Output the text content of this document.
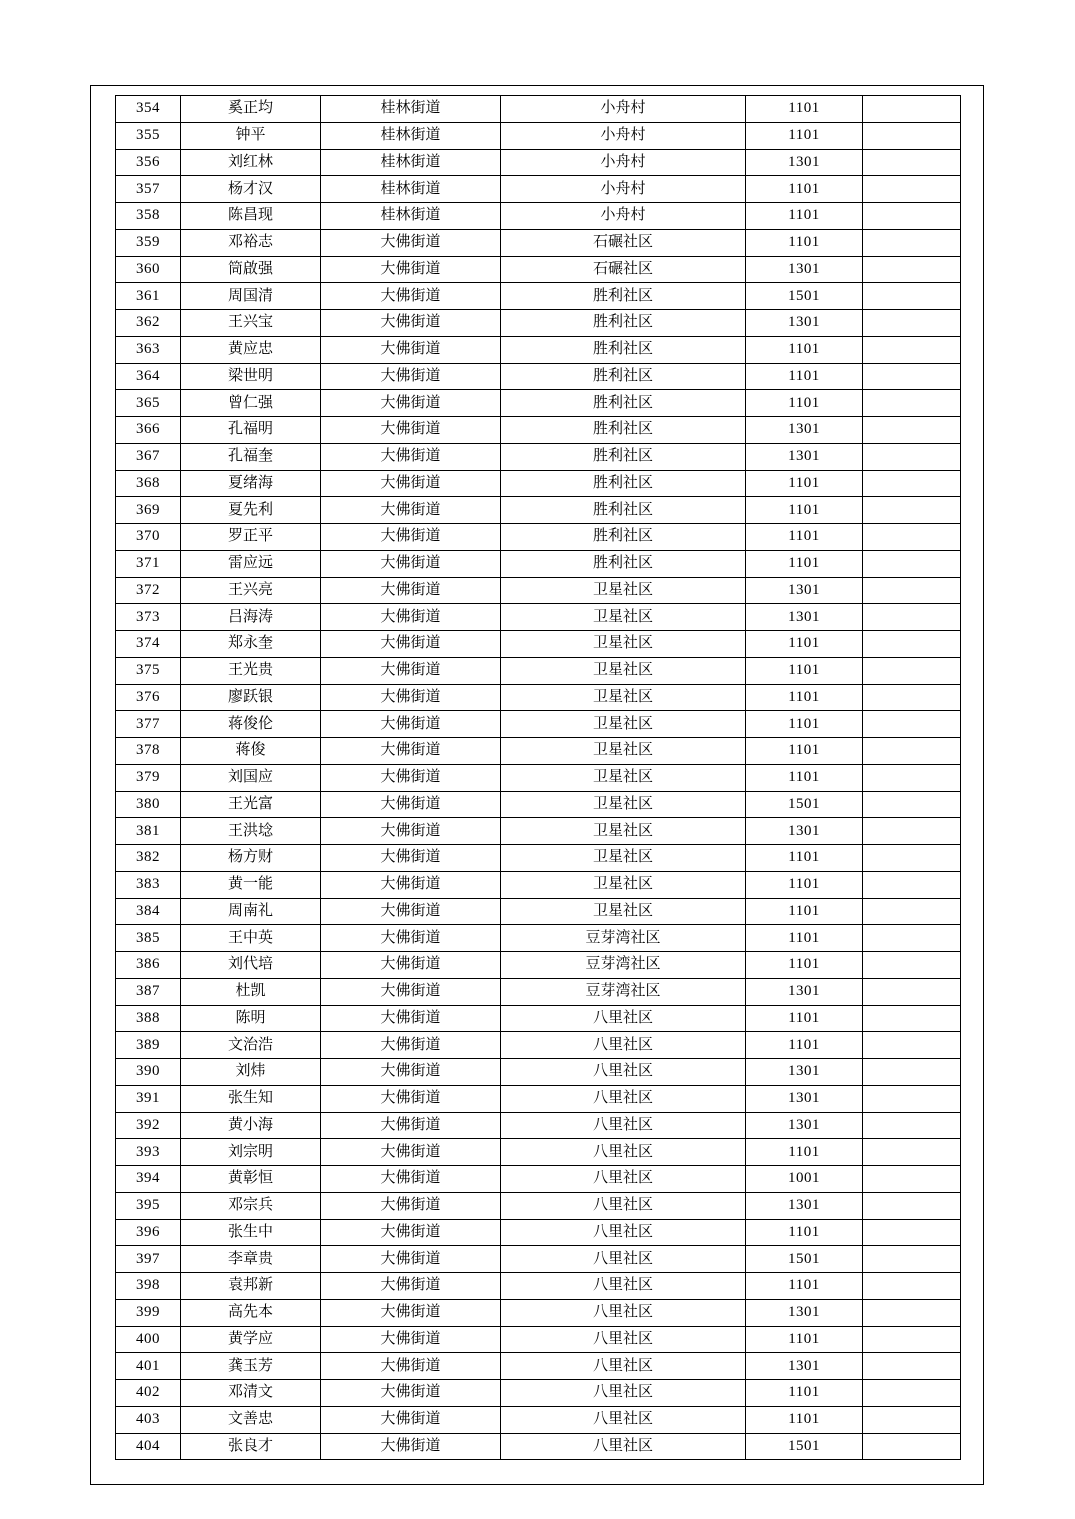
354	奚正均	桂林街道	小舟村	1101	
355	钟平	桂林街道	小舟村	1101	
356	刘红林	桂林街道	小舟村	1301	
357	杨才汉	桂林街道	小舟村	1101	
358	陈昌现	桂林街道	小舟村	1101	
359	邓裕志	大佛街道	石碾社区	1101	
360	筒啟强	大佛街道	石碾社区	1301	
361	周国清	大佛街道	胜利社区	1501	
362	王兴宝	大佛街道	胜利社区	1301	
363	黄应忠	大佛街道	胜利社区	1101	
364	梁世明	大佛街道	胜利社区	1101	
365	曾仁强	大佛街道	胜利社区	1101	
366	孔福明	大佛街道	胜利社区	1301	
367	孔福奎	大佛街道	胜利社区	1301	
368	夏绪海	大佛街道	胜利社区	1101	
369	夏先利	大佛街道	胜利社区	1101	
370	罗正平	大佛街道	胜利社区	1101	
371	雷应远	大佛街道	胜利社区	1101	
372	王兴亮	大佛街道	卫星社区	1301	
373	吕海涛	大佛街道	卫星社区	1301	
374	郑永奎	大佛街道	卫星社区	1101	
375	王光贵	大佛街道	卫星社区	1101	
376	廖跃银	大佛街道	卫星社区	1101	
377	蒋俊伦	大佛街道	卫星社区	1101	
378	蒋俊	大佛街道	卫星社区	1101	
379	刘国应	大佛街道	卫星社区	1101	
380	王光富	大佛街道	卫星社区	1501	
381	王洪埝	大佛街道	卫星社区	1301	
382	杨方财	大佛街道	卫星社区	1101	
383	黄一能	大佛街道	卫星社区	1101	
384	周南礼	大佛街道	卫星社区	1101	
385	王中英	大佛街道	豆芽湾社区	1101	
386	刘代培	大佛街道	豆芽湾社区	1101	
387	杜凯	大佛街道	豆芽湾社区	1301	
388	陈明	大佛街道	八里社区	1101	
389	文治浩	大佛街道	八里社区	1101	
390	刘炜	大佛街道	八里社区	1301	
391	张生知	大佛街道	八里社区	1301	
392	黄小海	大佛街道	八里社区	1301	
393	刘宗明	大佛街道	八里社区	1101	
394	黄彰恒	大佛街道	八里社区	1001	
395	邓宗兵	大佛街道	八里社区	1301	
396	张生中	大佛街道	八里社区	1101	
397	李章贵	大佛街道	八里社区	1501	
398	袁邦新	大佛街道	八里社区	1101	
399	高先本	大佛街道	八里社区	1301	
400	黄学应	大佛街道	八里社区	1101	
401	龚玉芳	大佛街道	八里社区	1301	
402	邓清文	大佛街道	八里社区	1101	
403	文善忠	大佛街道	八里社区	1101	
404	张良才	大佛街道	八里社区	1501	
